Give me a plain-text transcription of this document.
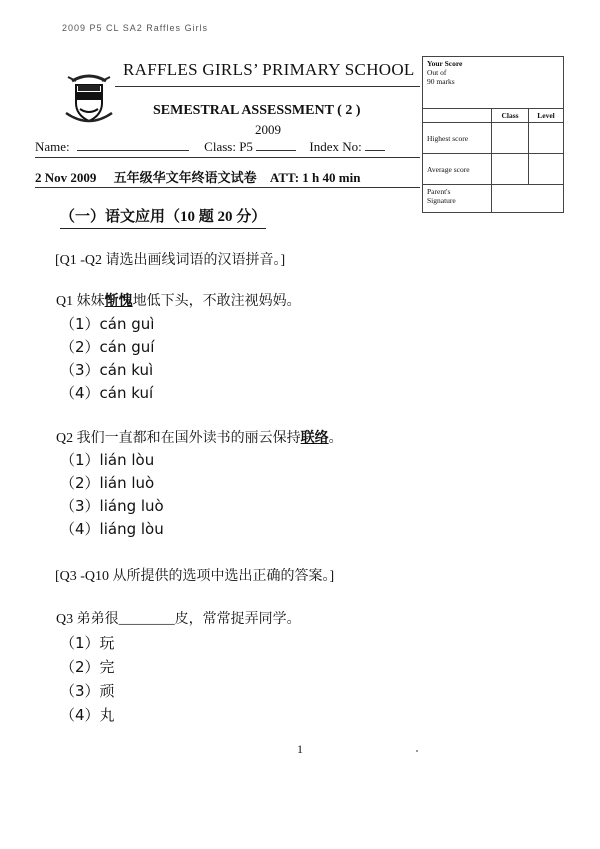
2009 P5 CL SA2 Raffles Girls
RAFFLES GIRLS’ PRIMARY SCHOOL
SEMESTRAL ASSESSMENT ( 2 )
2009
Name:	Class: P5	Index No:
2 Nov 2009 五年级华文年终语文试卷 ATT: 1 h 40 min
Your Score
Out of
90 marks		

	Class	Level
Highest score		
Average score		

Parent's
Signature		

（一）语文应用（10 题 20 分）
[Q1 -Q2 请选出画线词语的汉语拼音。]
Q1 妹妹惭愧地低下头，不敢注视妈妈。
（1）cán guì
（2）cán guí
（3）cán kuì
（4）cán kuí
Q2 我们一直都和在国外读书的丽云保持联络。
（1）lián lòu
（2）lián luò
（3）liáng luò
（4）liáng lòu
[Q3 -Q10 从所提供的选项中选出正确的答案。]
Q3 弟弟很________皮，常常捉弄同学。
（1）玩
（2）完
（3）顽
（4）丸
1
